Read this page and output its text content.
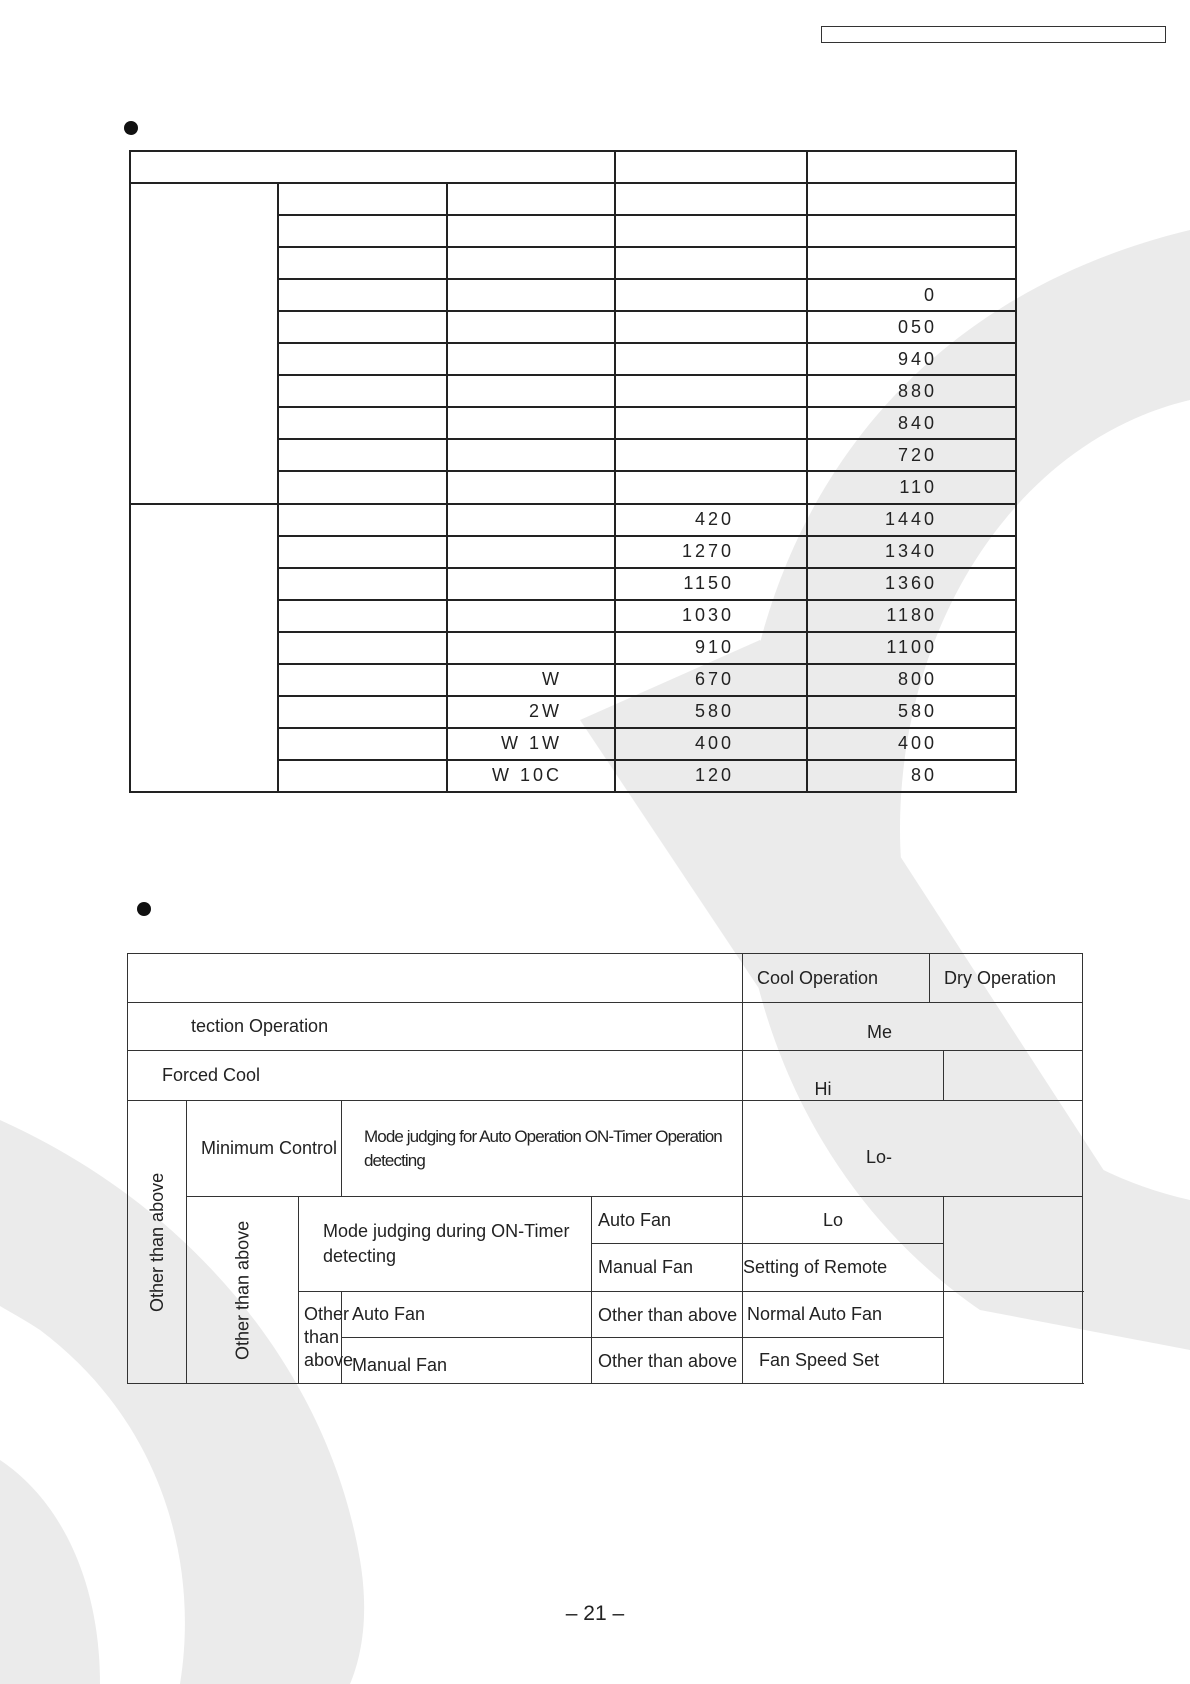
				0
				050
				940
				880
				840
				720
				110
			420	1440
			1270	1340
			1150	1360
			1030	1180
			910	1100
		W	670	800
		2W	580	580
		W 1W	400	400
		W 10C	120	80
					Cool Operation	Dry Operation	
tection Operation					Me		
Forced Cool					Hi		
Other than above	Minimum Control		Mode judging for Auto Operation ON-Timer Operation detecting		Lo-		
	Other than above	Mode judging during ON-Timer detecting		Auto Fan	Lo		
				Manual Fan	Setting of Remote		
		Other than above	Auto Fan	Other than above	Normal Auto Fan		
			Manual Fan	Other than above	Fan Speed Set		
– 21 –
